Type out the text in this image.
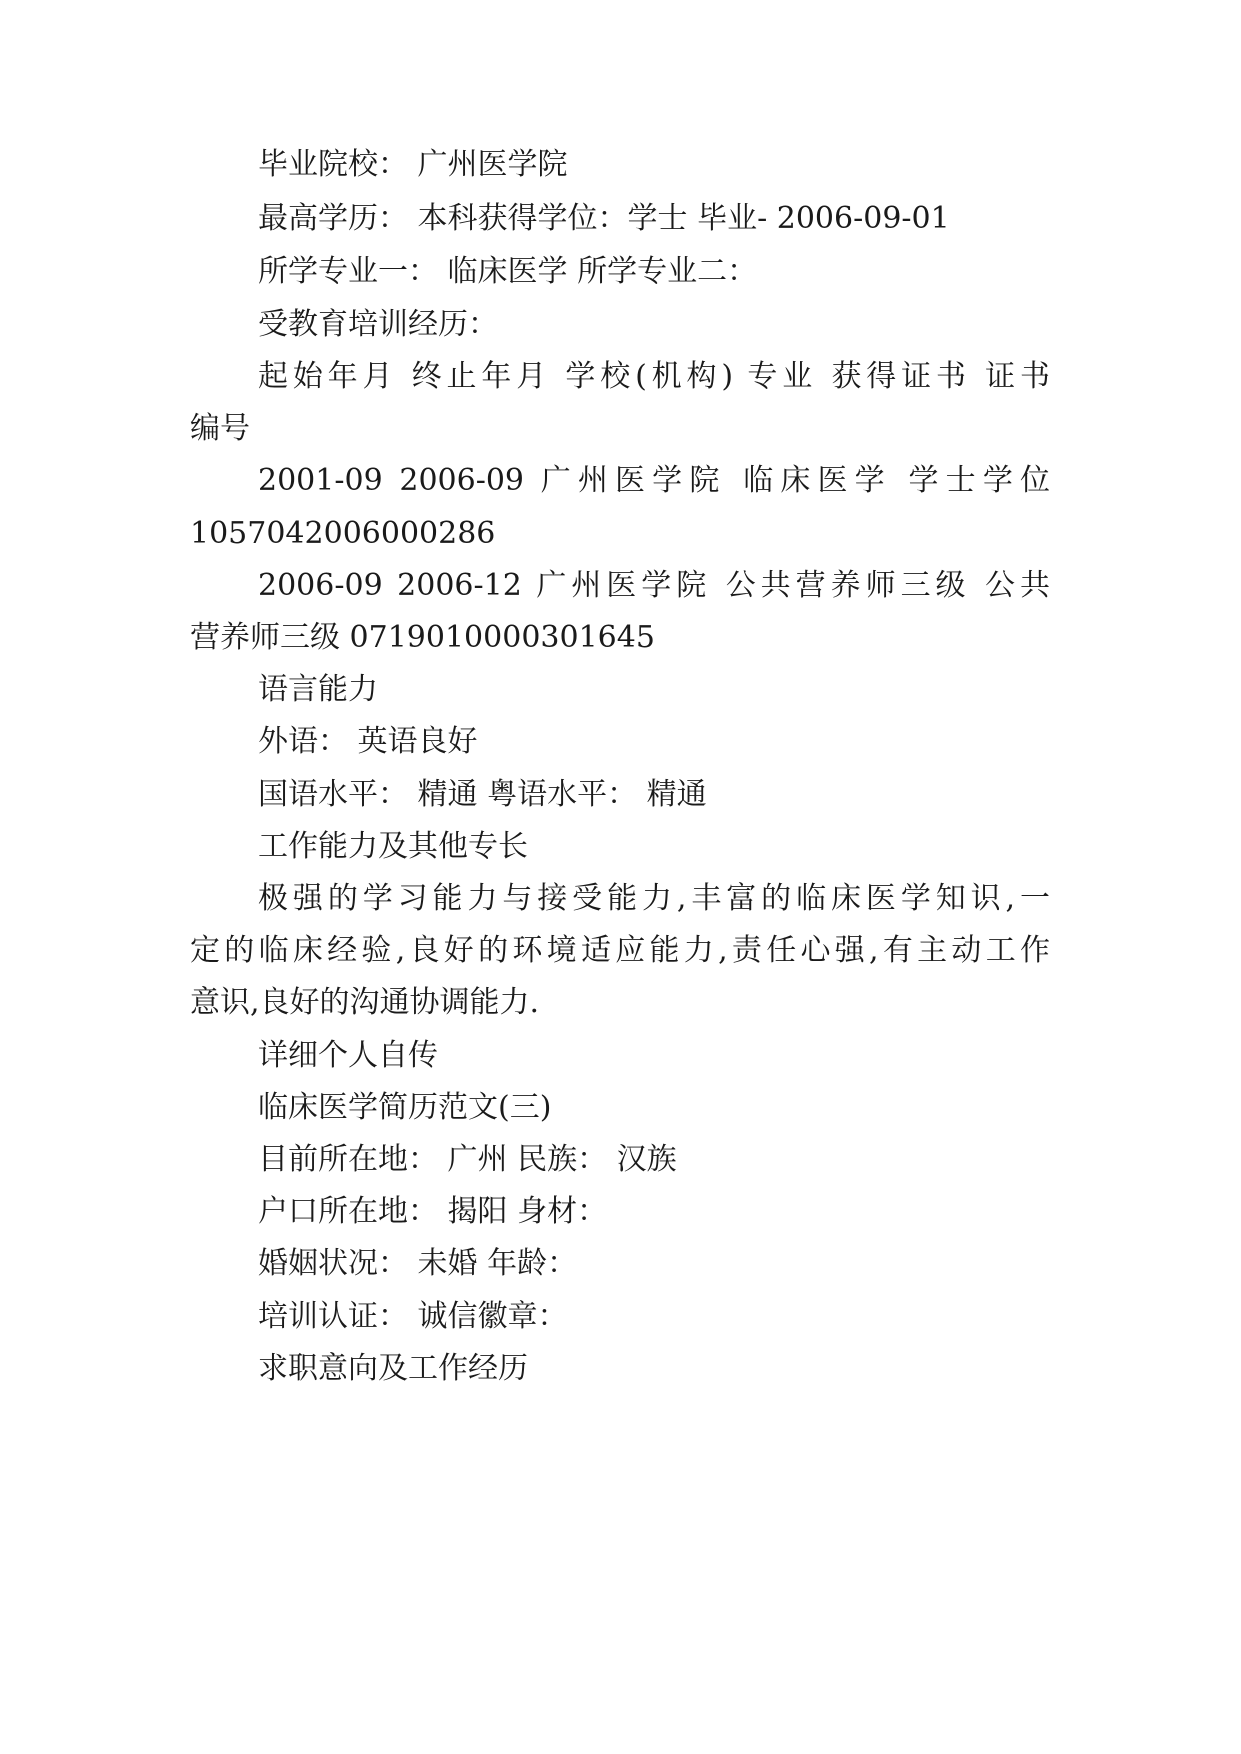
毕业院校： 广州医学院

最高学历： 本科获得学位：学士 毕业- 2006-09-01

所学专业一： 临床医学 所学专业二：

受教育培训经历：

起始年月 终止年月 学校(机构) 专业 获得证书 证书

编号

2001-09 2006-09 广州医学院 临床医学 学士学位

1057042006000286

2006-09 2006-12 广州医学院 公共营养师三级 公共

营养师三级 0719010000301645

语言能力

外语： 英语良好

国语水平： 精通 粤语水平： 精通

工作能力及其他专长

极强的学习能力与接受能力,丰富的临床医学知识,一

定的临床经验,良好的环境适应能力,责任心强,有主动工作

意识,良好的沟通协调能力.

详细个人自传

临床医学简历范文(三)

目前所在地： 广州 民族： 汉族

户口所在地： 揭阳 身材：

婚姻状况： 未婚 年龄：

培训认证： 诚信徽章：

求职意向及工作经历
